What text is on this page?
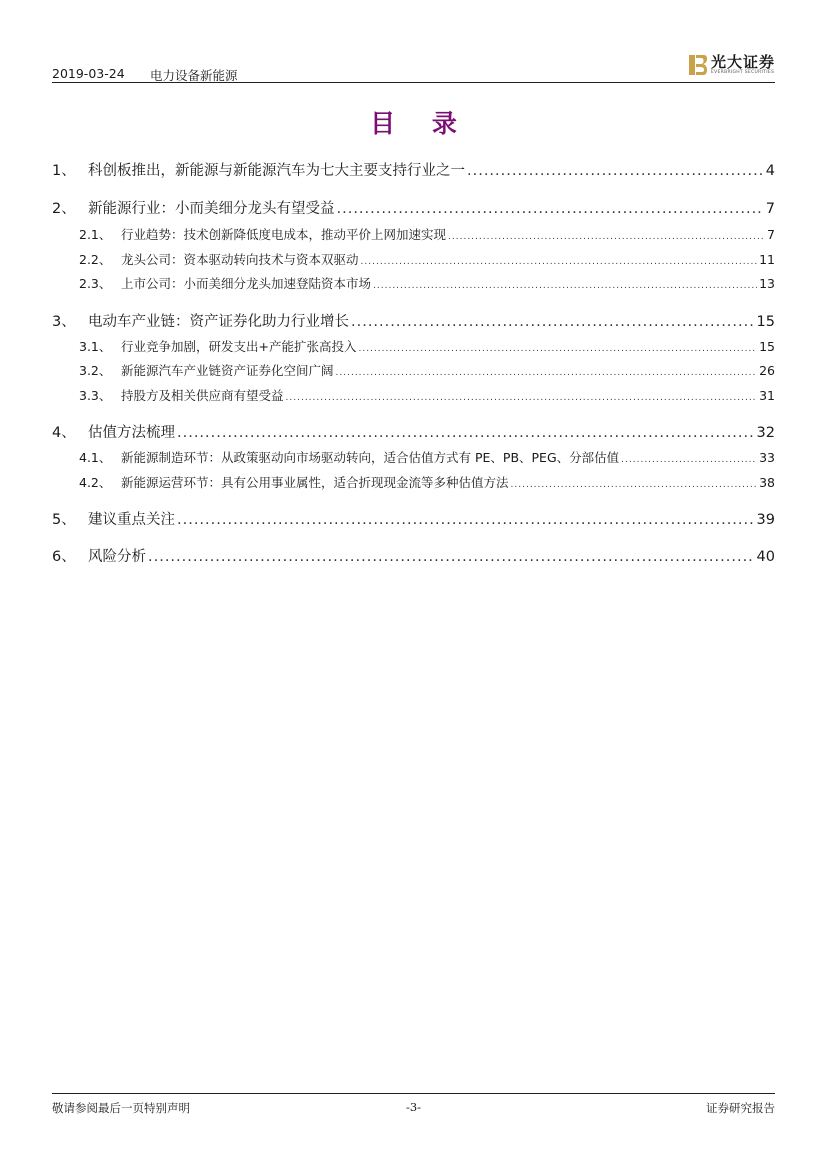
2019-03-24 电力设备新能源
光大证券
EVERBRIGHT SECURITIES
目 录
1、 科创板推出，新能源与新能源汽车为七大主要支持行业之一 .....	4
2、 新能源行业：小而美细分龙头有望受益 .....	7
2.1、 行业趋势：技术创新降低度电成本，推动平价上网加速实现 .....	7
2.2、 龙头公司：资本驱动转向技术与资本双驱动 .....	11
2.3、 上市公司：小而美细分龙头加速登陆资本市场 .....	13
3、 电动车产业链：资产证券化助力行业增长 .....	15
3.1、 行业竞争加剧，研发支出+产能扩张高投入 .....	15
3.2、 新能源汽车产业链资产证券化空间广阔 .....	26
3.3、 持股方及相关供应商有望受益 .....	31
4、 估值方法梳理 .....	32
4.1、 新能源制造环节：从政策驱动向市场驱动转向，适合估值方式有 PE、PB、PEG、分部估值 .....	33
4.2、 新能源运营环节：具有公用事业属性，适合折现现金流等多种估值方法 .....	38
5、 建议重点关注 .....	39
6、 风险分析 .....	40
敬请参阅最后一页特别声明	-3-	证券研究报告
